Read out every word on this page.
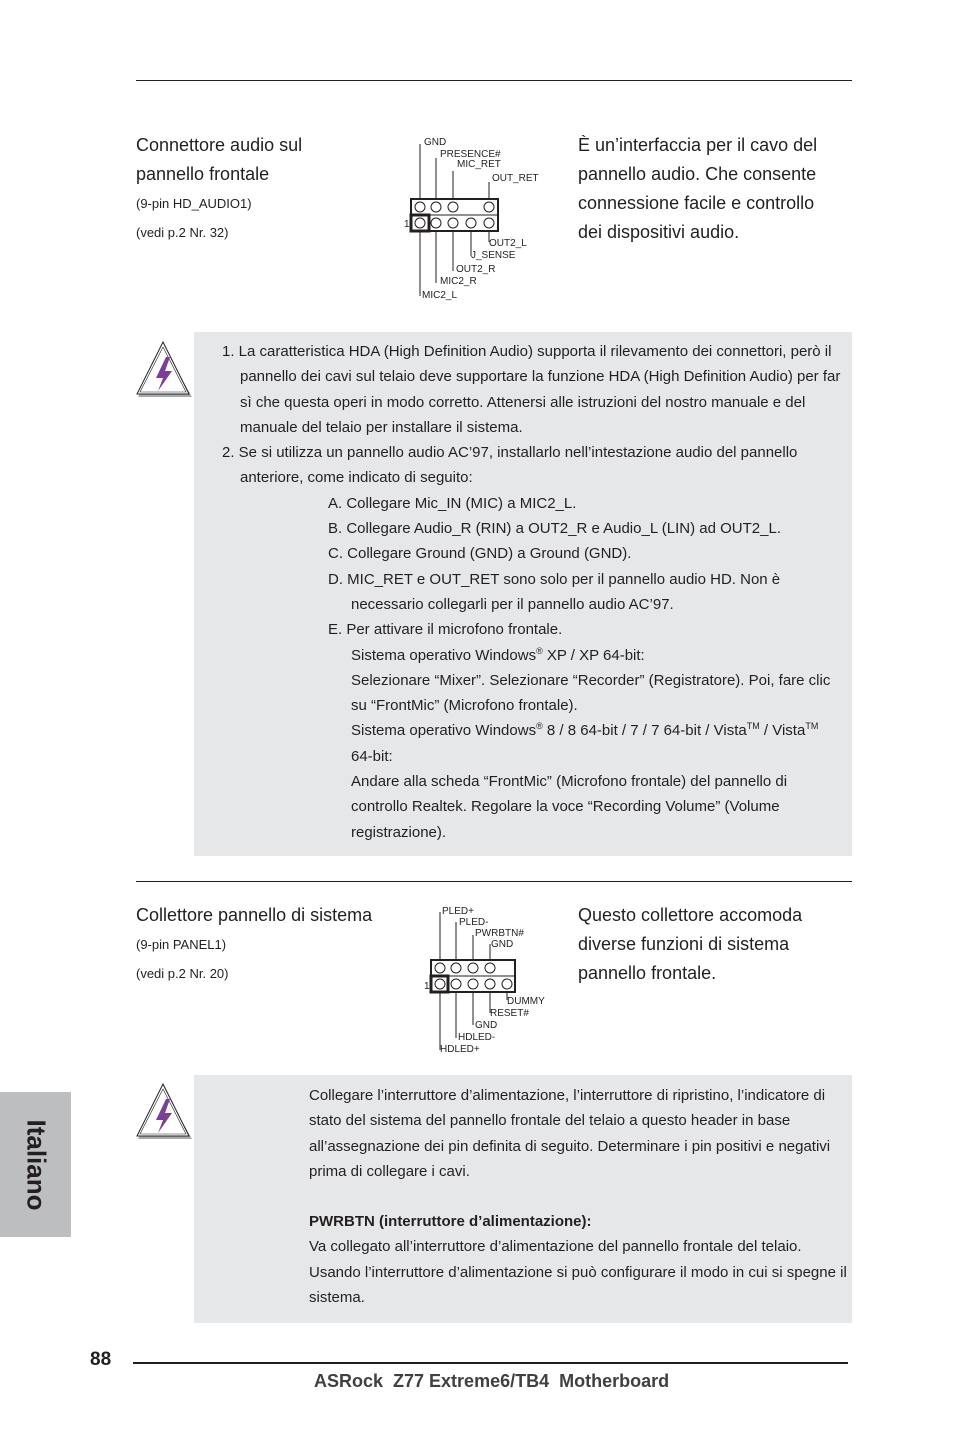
Connettore audio sul
pannello frontale
(9-pin HD_AUDIO1)
(vedi p.2 Nr. 32)
1
GND
PRESENCE#
MIC_RET
OUT_RET
OUT2_L
J_SENSE
OUT2_R
MIC2_R
MIC2_L
È un’interfaccia per il cavo del
pannello audio. Che consente
connessione facile e controllo
dei dispositivi audio.

1. La caratteristica HDA (High Definition Audio) supporta il rilevamento dei connettori, però il pannello dei cavi sul telaio deve supportare la funzione HDA (High Definition Audio) per far sì che questa operi in modo corretto. Attenersi alle istruzioni del nostro manuale e del manuale del telaio per installare il sistema.

2. Se si utilizza un pannello audio AC’97, installarlo nell’intestazione audio del pannello anteriore, come indicato di seguito:

A. Collegare Mic_IN (MIC) a MIC2_L.

B. Collegare Audio_R (RIN) a OUT2_R e Audio_L (LIN) ad OUT2_L.

C. Collegare Ground (GND) a Ground (GND).

D. MIC_RET e OUT_RET sono solo per il pannello audio HD. Non è necessario collegarli per il pannello audio AC’97.

E. Per attivare il microfono frontale.

Sistema operativo Windows® XP / XP 64-bit:

Selezionare “Mixer”. Selezionare “Recorder” (Registratore). Poi, fare clic su “FrontMic” (Microfono frontale).

Sistema operativo Windows® 8 / 8 64-bit / 7 / 7 64-bit / Vista™ / Vista™ 64-bit:

Andare alla scheda “FrontMic” (Microfono frontale) del pannello di controllo Realtek. Regolare la voce “Recording Volume” (Volume registrazione).

Collettore pannello di sistema
(9-pin PANEL1)
(vedi p.2 Nr. 20)
1
PLED+
PLED-
PWRBTN#
GND
DUMMY
RESET#
GND
HDLED-
HDLED+
Questo collettore accomoda
diverse funzioni di sistema
pannello frontale.
Collegare l’interruttore d’alimentazione, l’interruttore di ripristino, l’indicatore di stato del sistema del pannello frontale del telaio a questo header in base all’assegnazione dei pin definita di seguito. Determinare i pin positivi e negativi prima di collegare i cavi.
PWRBTN (interruttore d’alimentazione):
Va collegato all’interruttore d’alimentazione del pannello frontale del telaio. Usando l’interruttore d’alimentazione si può configurare il modo in cui si spegne il sistema.
Italiano
88
ASRock  Z77 Extreme6/TB4  Motherboard
